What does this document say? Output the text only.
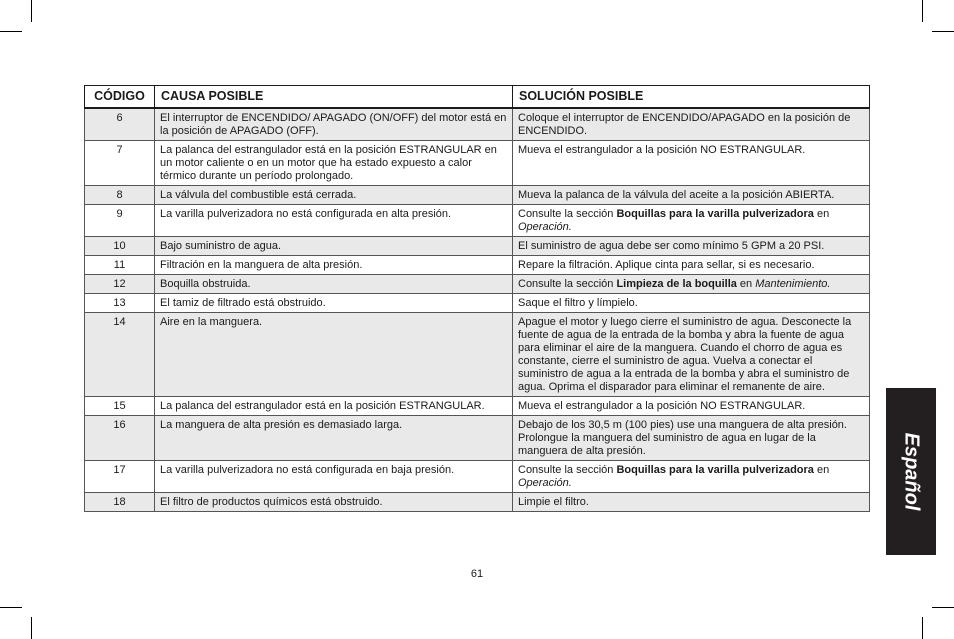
CÓDIGO	CAUSA POSIBLE	SOLUCIÓN POSIBLE
6	El interruptor de ENCENDIDO/ APAGADO (ON/OFF) del motor está en la posición de APAGADO (OFF).	Coloque el interruptor de ENCENDIDO/APAGADO en la posición de ENCENDIDO.
7	La palanca del estrangulador está en la posición ESTRANGULAR en un motor caliente o en un motor que ha estado expuesto a calor térmico durante un período prolongado.	Mueva el estrangulador a la posición NO ESTRANGULAR.
8	La válvula del combustible está cerrada.	Mueva la palanca de la válvula del aceite a la posición ABIERTA.
9	La varilla pulverizadora no está configurada en alta presión.	Consulte la sección Boquillas para la varilla pulverizadora en Operación.
10	Bajo suministro de agua.	El suministro de agua debe ser como mínimo 5 GPM a 20 PSI.
11	Filtración en la manguera de alta presión.	Repare la filtración. Aplique cinta para sellar, si es necesario.
12	Boquilla obstruida.	Consulte la sección Limpieza de la boquilla en Mantenimiento.
13	El tamiz de filtrado está obstruido.	Saque el filtro y límpielo.
14	Aire en la manguera.	Apague el motor y luego cierre el suministro de agua. Desconecte la fuente de agua de la entrada de la bomba y abra la fuente de agua para eliminar el aire de la manguera. Cuando el chorro de agua es constante, cierre el suministro de agua. Vuelva a conectar el suministro de agua a la entrada de la bomba y abra el suministro de agua. Oprima el disparador para eliminar el remanente de aire.
15	La palanca del estrangulador está en la posición ESTRANGULAR.	Mueva el estrangulador a la posición NO ESTRANGULAR.
16	La manguera de alta presión es demasiado larga.	Debajo de los 30,5 m (100 pies) use una manguera de alta presión. Prolongue la manguera del suministro de agua en lugar de la manguera de alta presión.
17	La varilla pulverizadora no está configurada en baja presión.	Consulte la sección Boquillas para la varilla pulverizadora en Operación.
18	El filtro de productos químicos está obstruido.	Limpie el filtro.
61
Español
